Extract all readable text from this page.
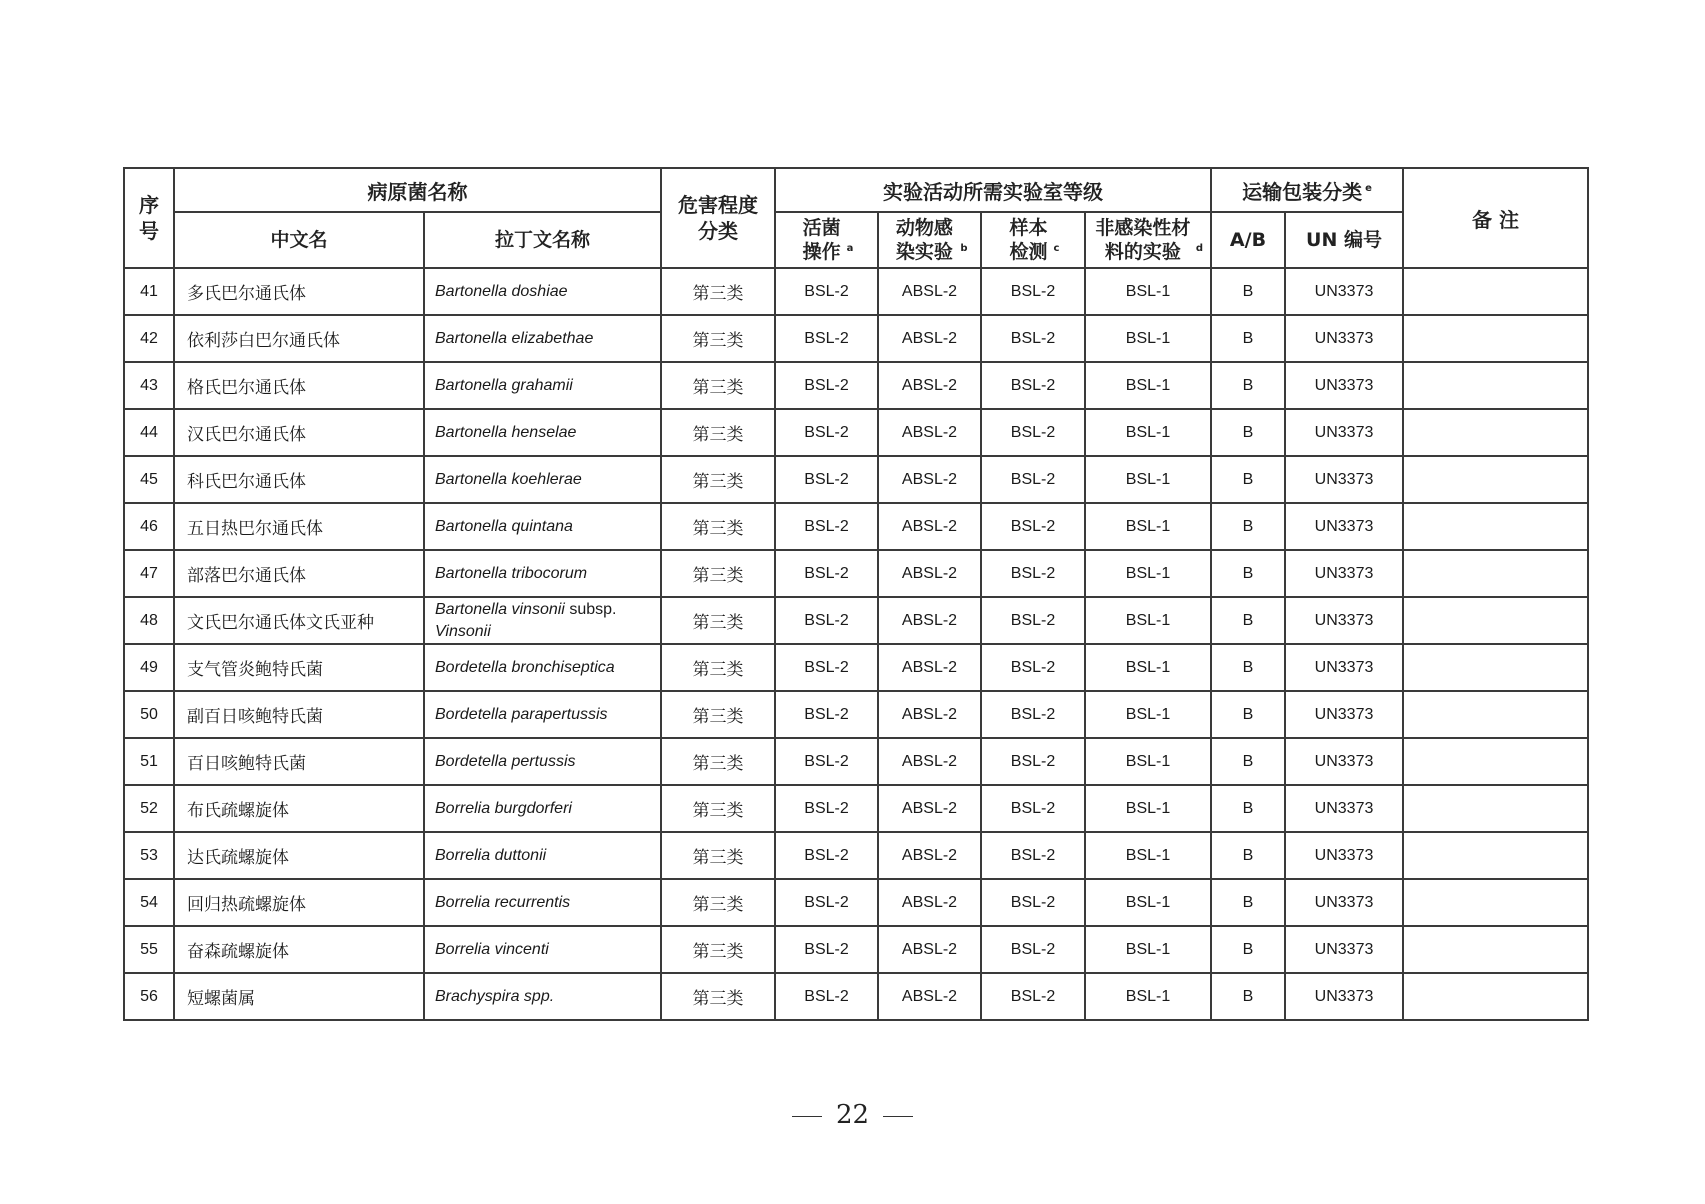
序号	病原菌名称		危害程度分类	实验活动所需实验室等级				运输包装分类 $^e$		备 注
	中文名	拉丁文名称		活菌操作 $^a$	动物感染实验 $^b$	样本检测 $^c$	非感染性材料的实验 $^d$	A/B	UN 编号	
41	多氏巴尔通氏体	Bartonella doshiae	第三类	BSL-2	ABSL-2	BSL-2	BSL-1	B	UN3373	
42	依利莎白巴尔通氏体	Bartonella elizabethae	第三类	BSL-2	ABSL-2	BSL-2	BSL-1	B	UN3373	
43	格氏巴尔通氏体	Bartonella grahamii	第三类	BSL-2	ABSL-2	BSL-2	BSL-1	B	UN3373	
44	汉氏巴尔通氏体	Bartonella henselae	第三类	BSL-2	ABSL-2	BSL-2	BSL-1	B	UN3373	
45	科氏巴尔通氏体	Bartonella koehlerae	第三类	BSL-2	ABSL-2	BSL-2	BSL-1	B	UN3373	
46	五日热巴尔通氏体	Bartonella quintana	第三类	BSL-2	ABSL-2	BSL-2	BSL-1	B	UN3373	
47	部落巴尔通氏体	Bartonella tribocorum	第三类	BSL-2	ABSL-2	BSL-2	BSL-1	B	UN3373	
48	文氏巴尔通氏体文氏亚种	Bartonella vinsonii subsp.
Vinsonii	第三类	BSL-2	ABSL-2	BSL-2	BSL-1	B	UN3373	
49	支气管炎鲍特氏菌	Bordetella bronchiseptica	第三类	BSL-2	ABSL-2	BSL-2	BSL-1	B	UN3373	
50	副百日咳鲍特氏菌	Bordetella parapertussis	第三类	BSL-2	ABSL-2	BSL-2	BSL-1	B	UN3373	
51	百日咳鲍特氏菌	Bordetella pertussis	第三类	BSL-2	ABSL-2	BSL-2	BSL-1	B	UN3373	
52	布氏疏螺旋体	Borrelia burgdorferi	第三类	BSL-2	ABSL-2	BSL-2	BSL-1	B	UN3373	
53	达氏疏螺旋体	Borrelia duttonii	第三类	BSL-2	ABSL-2	BSL-2	BSL-1	B	UN3373	
54	回归热疏螺旋体	Borrelia recurrentis	第三类	BSL-2	ABSL-2	BSL-2	BSL-1	B	UN3373	
55	奋森疏螺旋体	Borrelia vincenti	第三类	BSL-2	ABSL-2	BSL-2	BSL-1	B	UN3373	
56	短螺菌属	Brachyspira spp.	第三类	BSL-2	ABSL-2	BSL-2	BSL-1	B	UN3373	
22
